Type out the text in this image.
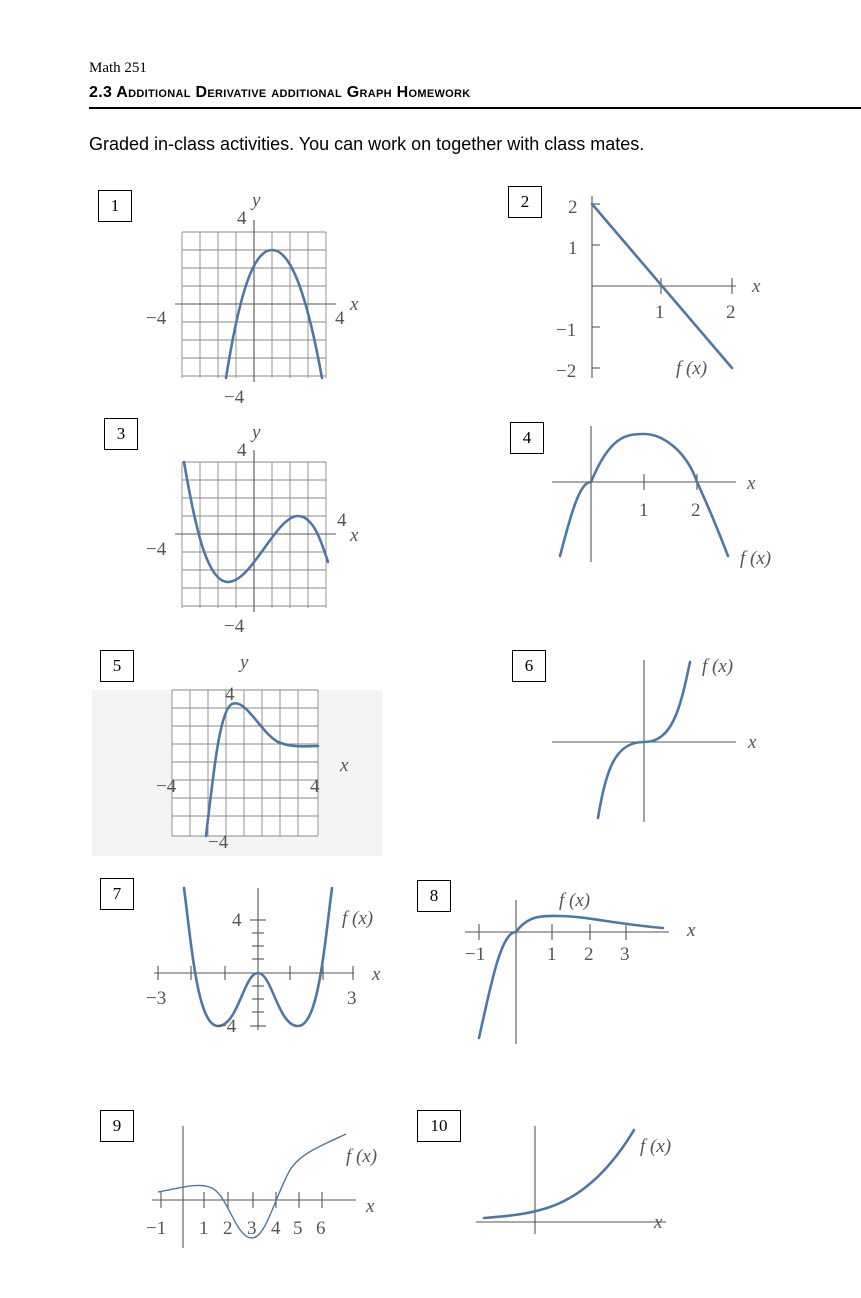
Math 251
2.3 Additional Derivative additional Graph Homework
Graded in-class activities. You can work on together with class mates.
1	y
4
−4	4
x
−4
2	2
1
−1
−2
1	2
x
f (x)
3	y
4
−4
4
x
−4
4
1 2
x
f (x)
5	y
4
−4	4
x
−4
6	f (x)
x
7
4
−4
−3	3
x
f (x)
8
−1	1 2 3
x
f (x)
9
−1 1 2 3 4 5 6
x
f (x)
10
f (x)
x
